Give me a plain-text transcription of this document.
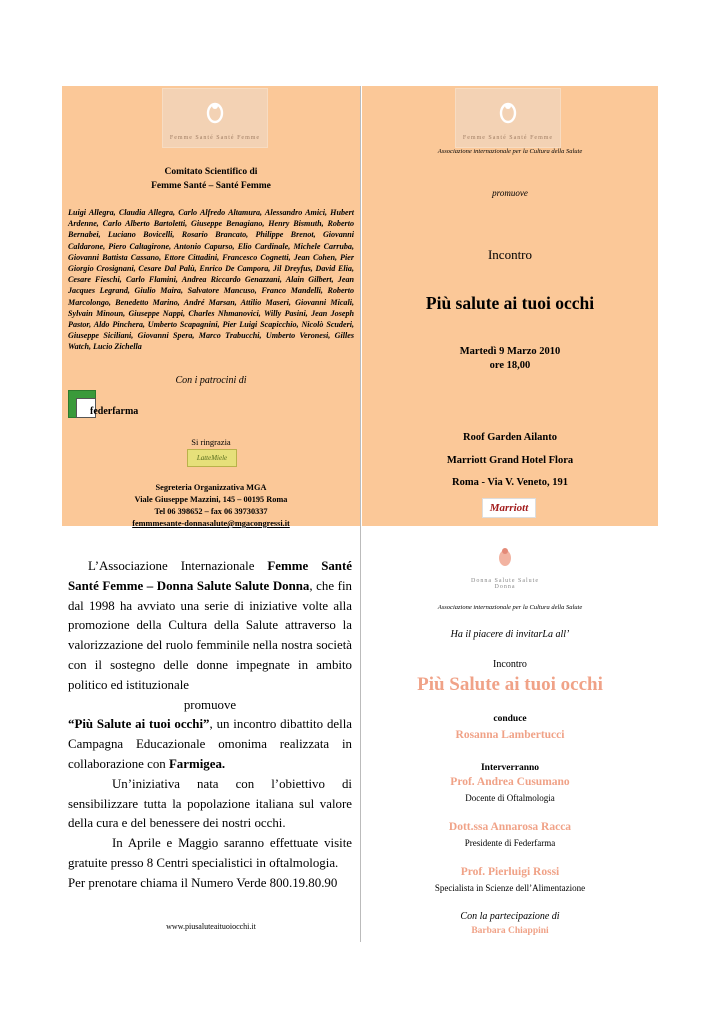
Femme Santé Santé Femme
Comitato Scientifico di
Femme Santé – Santé Femme
Luigi Allegra, Claudia Allegra, Carlo Alfredo Altamura, Alessandro Amici, Hubert Ardenne, Carlo Alberto Bartoletti, Giuseppe Benagiano, Henry Bismuth, Roberto Bernabei, Luciano Bovicelli, Rosario Brancato, Philippe Brenot, Giovanni Caldarone, Piero Caltagirone, Antonio Capurso, Elio Cardinale, Michele Carruba, Giovanni Battista Cassano, Ettore Cittadini, Francesco Cognetti, Jean Cohen, Pier Giorgio Crosignani, Cesare Dal Palù, Enrico De Campora, Jil Dreyfus, David Elia, Cesare Fieschi, Carlo Flamini, Andrea Riccardo Genazzani, Alain Gilbert, Jean Jacques Legrand, Giulio Maira, Salvatore Mancuso, Franco Mandelli, Roberto Marcolongo, Benedetto Marino, André Marsan, Attilio Maseri, Giovanni Micali, Sylvain Minoun, Giuseppe Nappi, Charles Nhmanovici, Willy Pasini, Jean Joseph Pastor, Aldo Pinchera, Umberto Scapagnini, Pier Luigi Scapicchio, Nicolò Scuderi, Giuseppe Siciliani, Giovanni Spera, Marco Trabucchi, Umberto Veronesi, Gilles Watch, Lucio Zichella
Con i patrocini di
federfarma
Si ringrazia
LatteMiele
Segreteria Organizzativa MGA
Viale Giuseppe Mazzini, 145 – 00195 Roma
Tel 06 398652 – fax 06 39730337
femmmesante-donnasalute@mgacongressi.it
Femme Santé Santé Femme
Associazione internazionale per la Cultura della Salute
promuove
Incontro
Più salute ai tuoi occhi
Martedì 9 Marzo 2010
ore 18,00
Roof Garden Ailanto
Marriott Grand Hotel Flora
Roma - Via V. Veneto, 191
Marriott

L’Associazione Internazionale Femme Santé Santé Femme – Donna Salute Salute Donna, che fin dal 1998 ha avviato una serie di iniziative volte alla promozione della Cultura della Salute attraverso la valorizzazione del ruolo femminile nella nostra società con il sostegno delle donne impegnate in ambito politico ed istituzionale

promuove

“Più Salute ai tuoi occhi”, un incontro dibattito della Campagna Educazionale omonima realizzata in collaborazione con Farmigea.

Un’iniziativa nata con l’obiettivo di sensibilizzare tutta la popolazione italiana sul valore della cura e del benessere dei nostri occhi.

In Aprile e Maggio saranno effettuate visite gratuite presso 8 Centri specialistici in oftalmologia.

Per prenotare chiama il Numero Verde 800.19.80.90

www.piusaluteaituoiocchi.it
Donna Salute Salute Donna
Associazione internazionale per la Cultura della Salute
Ha il piacere di invitarLa all’
Incontro
Più Salute ai tuoi occhi
conduce
Rosanna Lambertucci
Interverranno
Prof. Andrea Cusumano
Docente di Oftalmologia
Dott.ssa Annarosa Racca
Presidente di Federfarma
Prof. Pierluigi Rossi
Specialista in Scienze dell’Alimentazione
Con la partecipazione di
Barbara Chiappini
